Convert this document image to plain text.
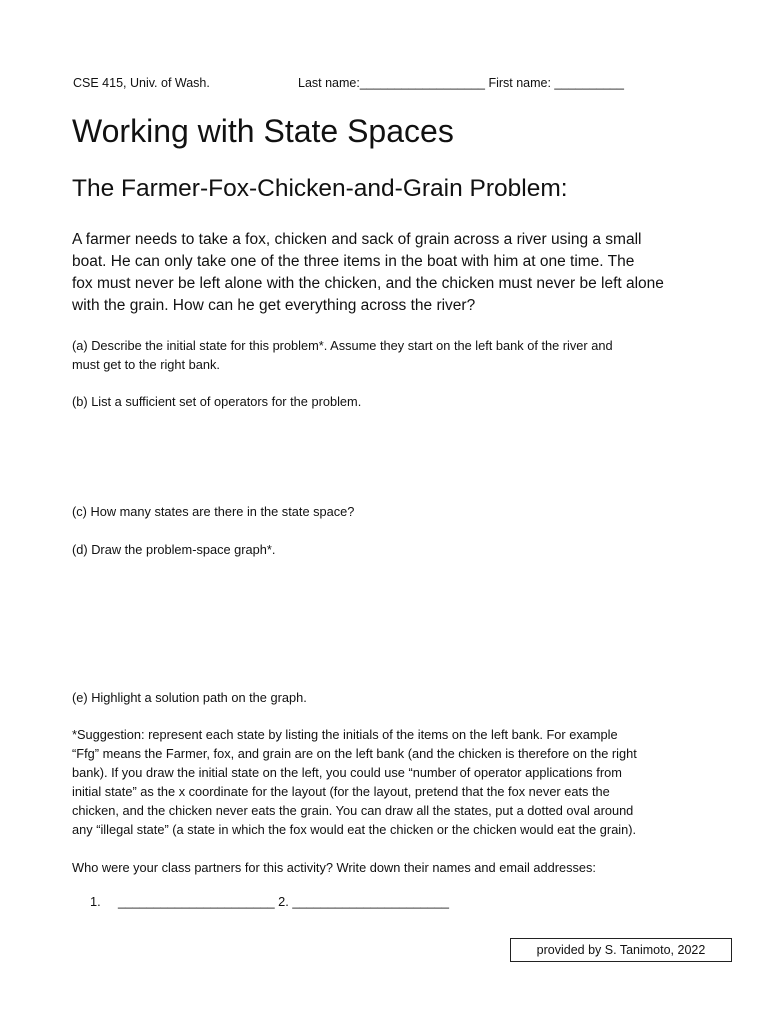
CSE 415, Univ. of Wash.	Last name:__________________ First name: __________
Working with State Spaces
The Farmer-Fox-Chicken-and-Grain Problem:

A farmer needs to take a fox, chicken and sack of grain across a river using a small
boat. He can only take one of the three items in the boat with him at one time. The
fox must never be left alone with the chicken, and the chicken must never be left alone
with the grain. How can he get everything across the river?

(a) Describe the initial state for this problem*. Assume they start on the left bank of the river and
must get to the right bank.

(b) List a sufficient set of operators for the problem.

(c) How many states are there in the state space?

(d) Draw the problem-space graph*.

(e) Highlight a solution path on the graph.

*Suggestion: represent each state by listing the initials of the items on the left bank. For example
“Ffg” means the Farmer, fox, and grain are on the left bank (and the chicken is therefore on the right
bank). If you draw the initial state on the left, you could use “number of operator applications from
initial state” as the x coordinate for the layout (for the layout, pretend that the fox never eats the
chicken, and the chicken never eats the grain. You can draw all the states, put a dotted oval around
any “illegal state” (a state in which the fox would eat the chicken or the chicken would eat the grain).

Who were your class partners for this activity? Write down their names and email addresses:

1. ______________________ 2. ______________________
provided by S. Tanimoto, 2022
